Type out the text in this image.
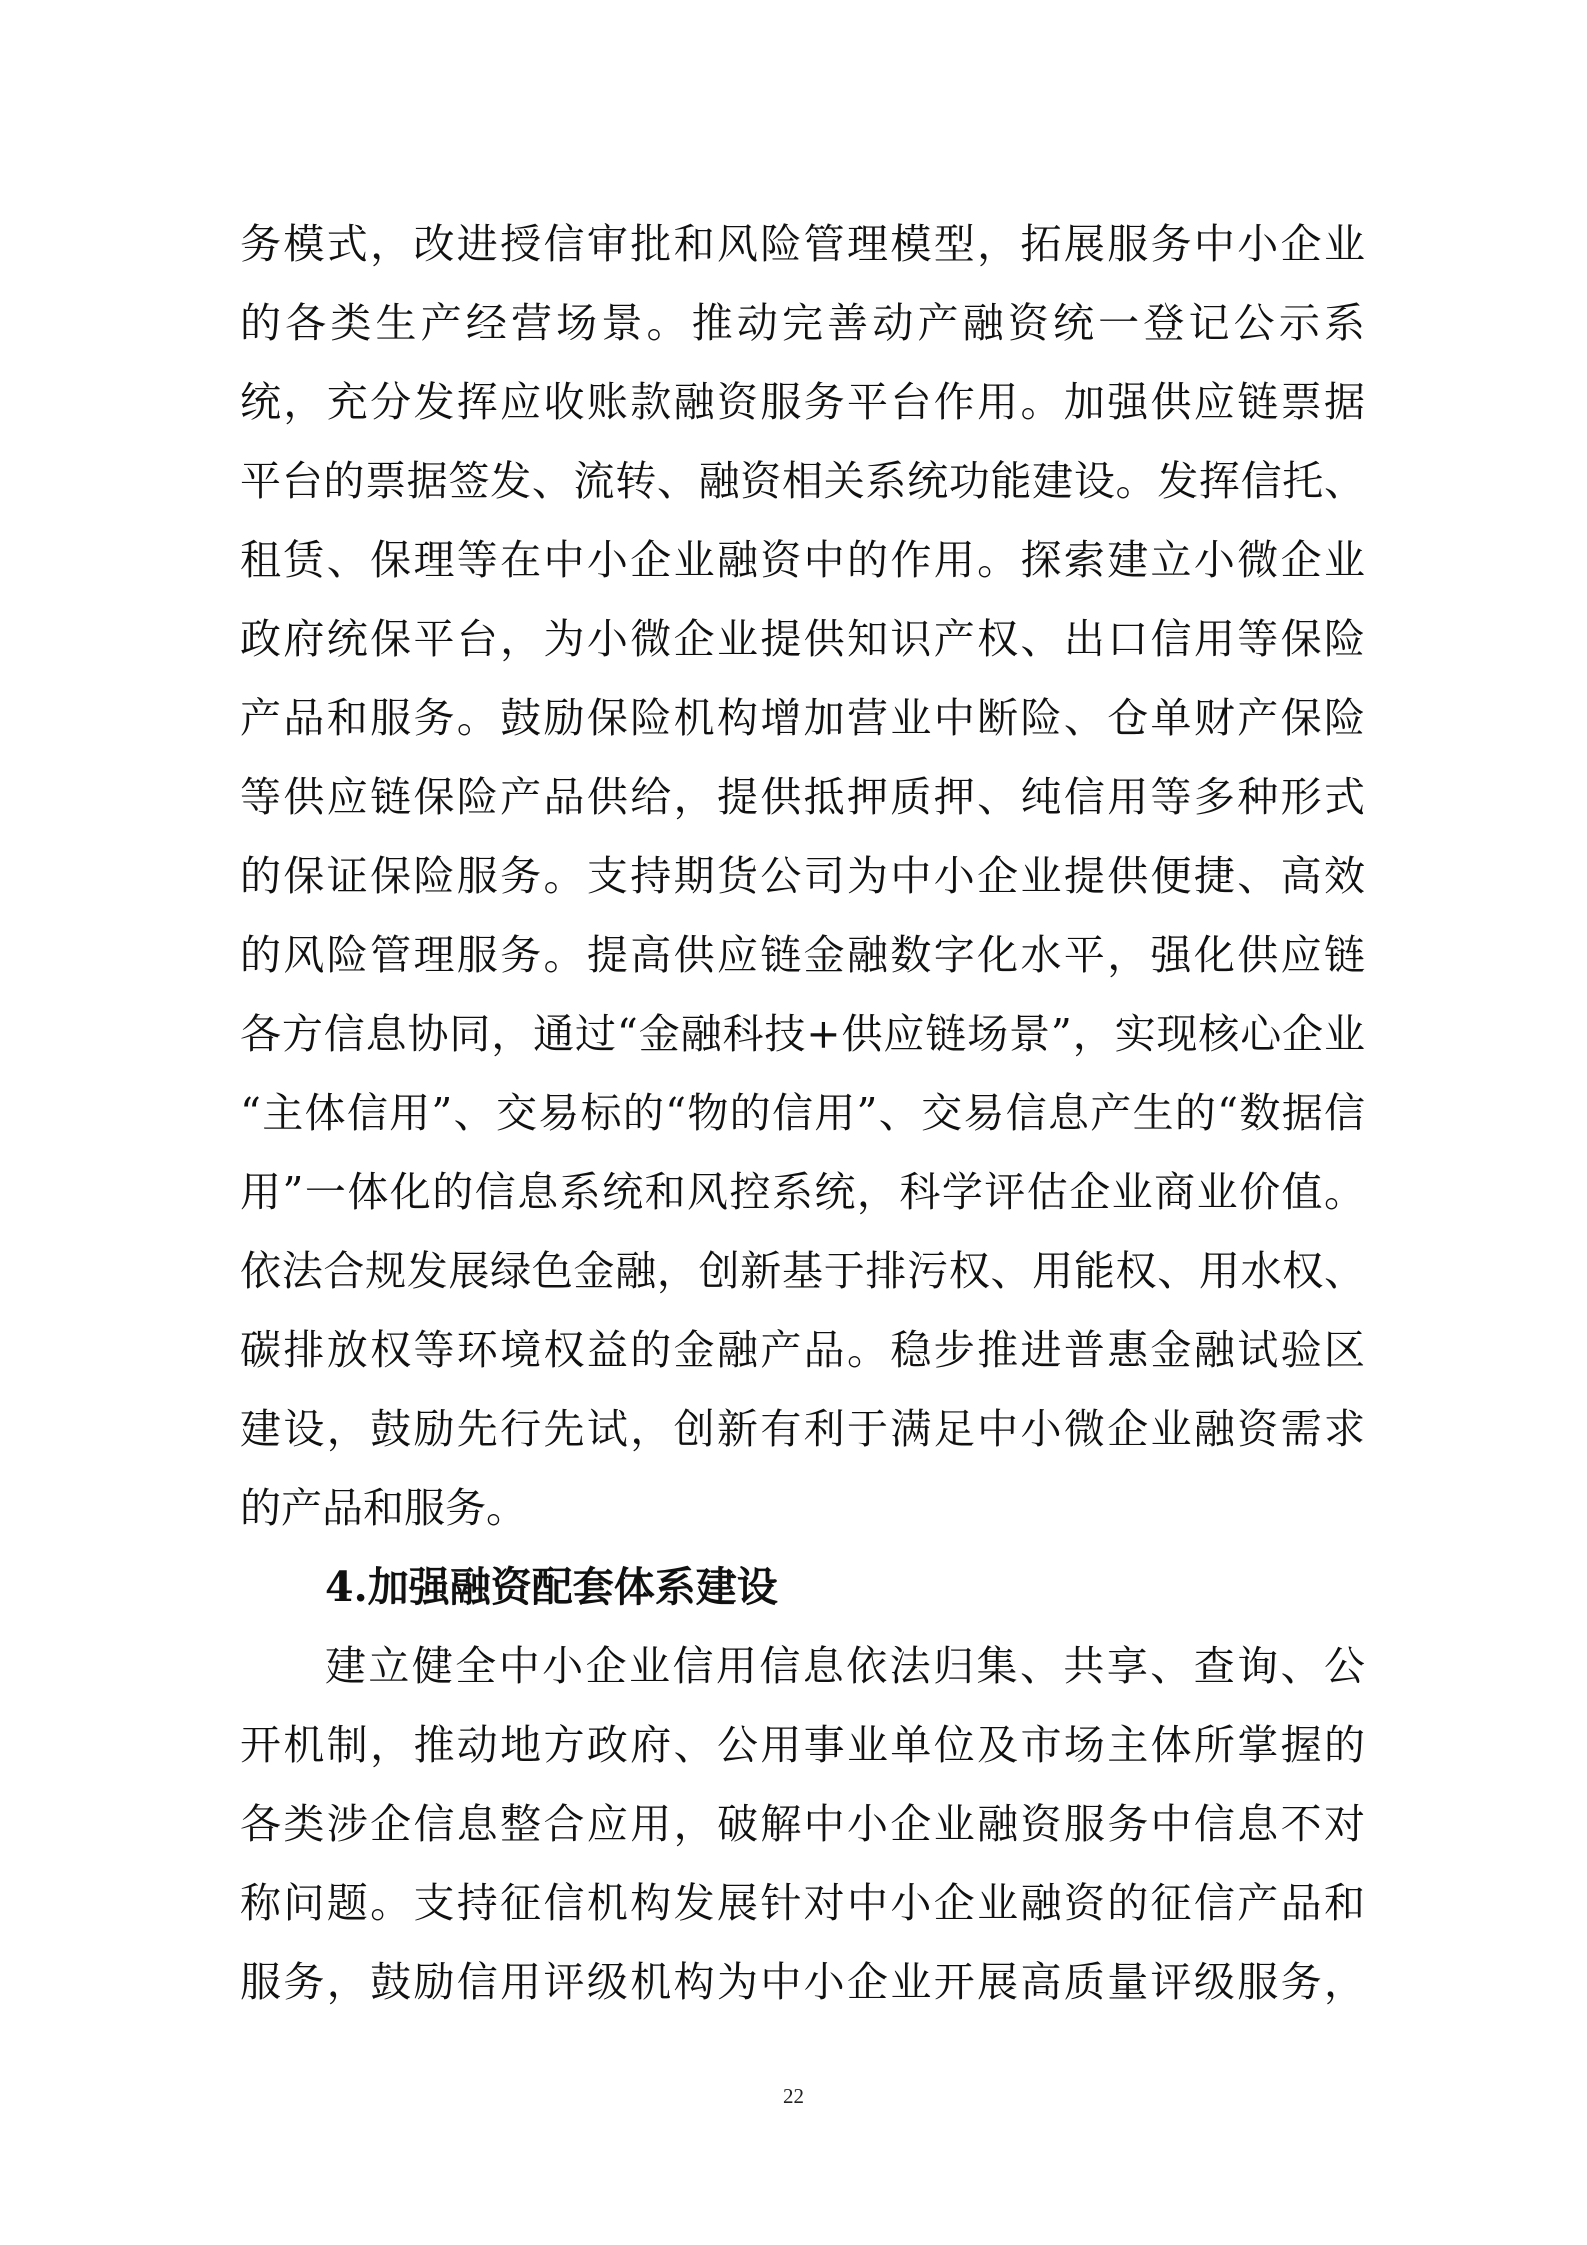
务模式，改进授信审批和风险管理模型，拓展服务中小企业
的各类生产经营场景。推动完善动产融资统一登记公示系
统，充分发挥应收账款融资服务平台作用。加强供应链票据
平台的票据签发、流转、融资相关系统功能建设。发挥信托、
租赁、保理等在中小企业融资中的作用。探索建立小微企业
政府统保平台，为小微企业提供知识产权、出口信用等保险
产品和服务。鼓励保险机构增加营业中断险、仓单财产保险
等供应链保险产品供给，提供抵押质押、纯信用等多种形式
的保证保险服务。支持期货公司为中小企业提供便捷、高效
的风险管理服务。提高供应链金融数字化水平，强化供应链
各方信息协同，通过“金融科技+供应链场景”，实现核心企业
“主体信用”、交易标的“物的信用”、交易信息产生的“数据信
用”一体化的信息系统和风控系统，科学评估企业商业价值。
依法合规发展绿色金融，创新基于排污权、用能权、用水权、
碳排放权等环境权益的金融产品。稳步推进普惠金融试验区
建设，鼓励先行先试，创新有利于满足中小微企业融资需求
的产品和服务。
4.加强融资配套体系建设
建立健全中小企业信用信息依法归集、共享、查询、公
开机制，推动地方政府、公用事业单位及市场主体所掌握的
各类涉企信息整合应用，破解中小企业融资服务中信息不对
称问题。支持征信机构发展针对中小企业融资的征信产品和
服务，鼓励信用评级机构为中小企业开展高质量评级服务，
22
